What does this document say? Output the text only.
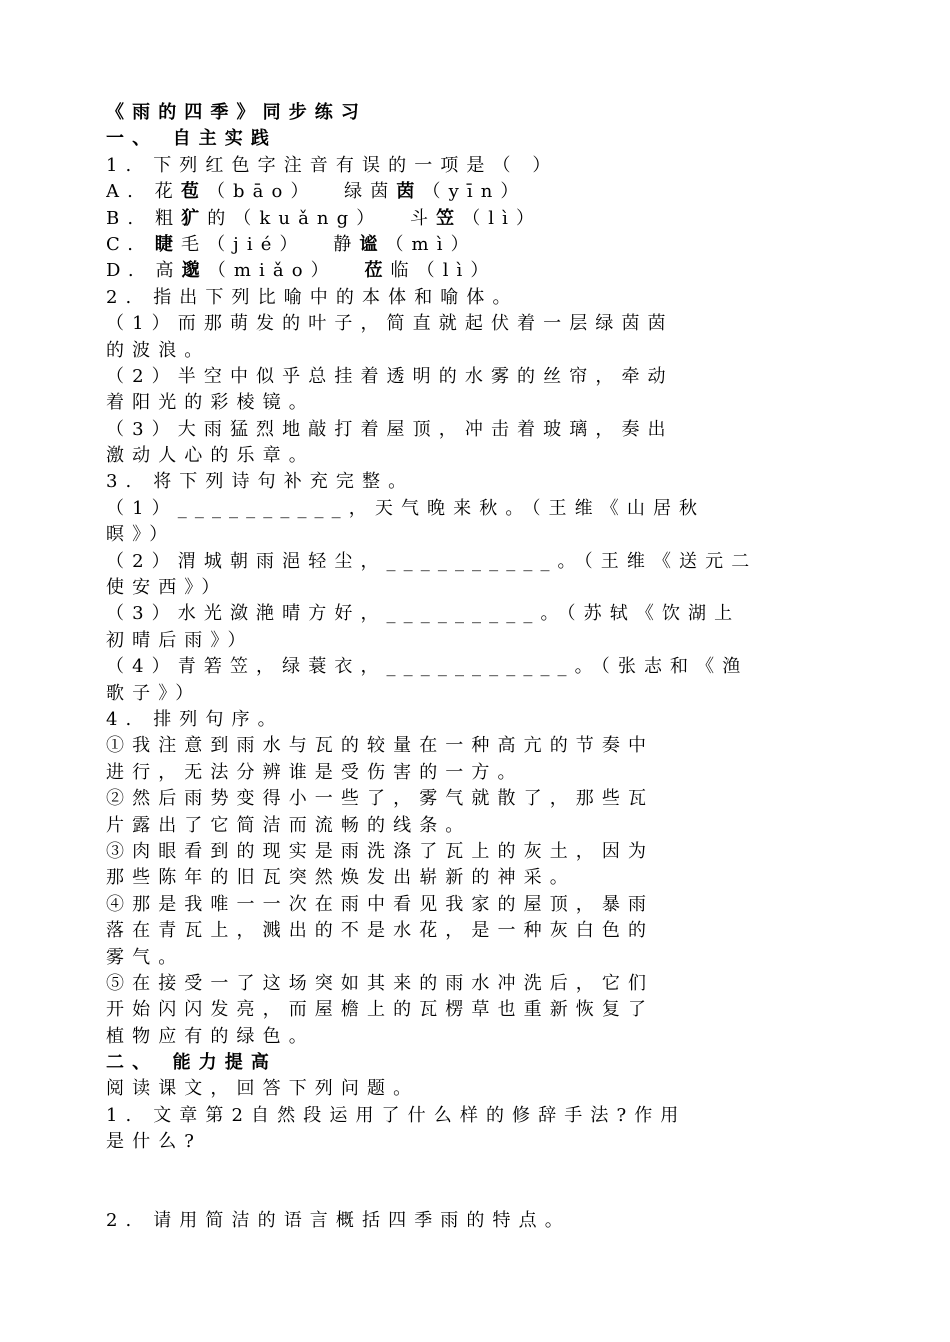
《雨的四季》同步练习
一、 自主实践
1. 下列红色字注音有误的一项是（ ）
A. 花苞（bāo）  绿茵茵（yīn）
B. 粗犷的（kuǎng）  斗笠（lì）
C. 睫毛（jié）  静谧（mì）
D. 高邈（miǎo）  莅临（lì）
2. 指出下列比喻中的本体和喻体。
（1）而那萌发的叶子，简直就起伏着一层绿茵茵
的波浪。
（2）半空中似乎总挂着透明的水雾的丝帘，牵动
着阳光的彩棱镜。
（3）大雨猛烈地敲打着屋顶，冲击着玻璃，奏出
激动人心的乐章。
3. 将下列诗句补充完整。
（1）__________，天气晚来秋。（王维《山居秋
暝》）
（2）渭城朝雨浥轻尘，__________。（王维《送元二
使安西》）
（3）水光潋滟晴方好，_________。（苏轼《饮湖上
初晴后雨》）
（4）青箬笠，绿蓑衣，___________。（张志和《渔
歌子》）
4. 排列句序。
①我注意到雨水与瓦的较量在一种高亢的节奏中
进行，无法分辨谁是受伤害的一方。
②然后雨势变得小一些了，雾气就散了，那些瓦
片露出了它简洁而流畅的线条。
③肉眼看到的现实是雨洗涤了瓦上的灰土，因为
那些陈年的旧瓦突然焕发出崭新的神采。
④那是我唯一一次在雨中看见我家的屋顶，暴雨
落在青瓦上，溅出的不是水花，是一种灰白色的
雾气。
⑤在接受一了这场突如其来的雨水冲洗后，它们
开始闪闪发亮，而屋檐上的瓦楞草也重新恢复了
植物应有的绿色。
二、 能力提高
阅读课文，回答下列问题。
1. 文章第2自然段运用了什么样的修辞手法?作用
是什么?
2. 请用简洁的语言概括四季雨的特点。
